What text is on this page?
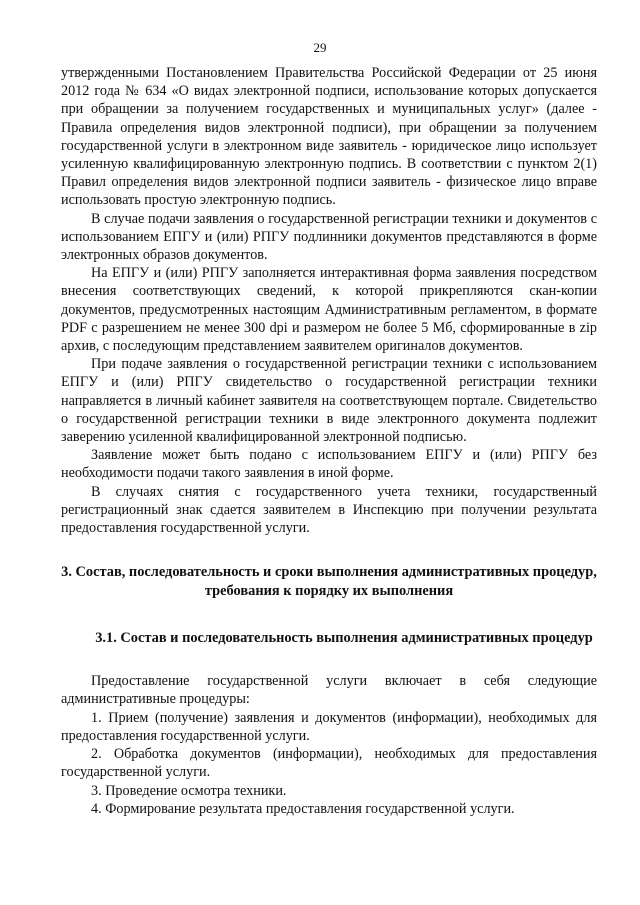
29

утвержденными Постановлением Правительства Российской Федерации от 25 июня 2012 года № 634 «О видах электронной подписи, использование которых допускается при обращении за получением государственных и муниципальных услуг» (далее - Правила определения видов электронной подписи), при обращении за получением государственной услуги в электронном виде заявитель - юридическое лицо использует усиленную квалифицированную электронную подпись. В соответствии с пунктом 2(1) Правил определения видов электронной подписи заявитель - физическое лицо вправе использовать простую электронную подпись.

В случае подачи заявления о государственной регистрации техники и документов с использованием ЕПГУ и (или) РПГУ подлинники документов представляются в форме электронных образов документов.

На ЕПГУ и (или) РПГУ заполняется интерактивная форма заявления посредством внесения соответствующих сведений, к которой прикрепляются скан-копии документов, предусмотренных настоящим Административным регламентом, в формате PDF с разрешением не менее 300 dpi и размером не более 5 Мб, сформированные в zip архив, с последующим представлением заявителем оригиналов документов.

При подаче заявления о государственной регистрации техники с использованием ЕПГУ и (или) РПГУ свидетельство о государственной регистрации техники направляется в личный кабинет заявителя на соответствующем портале. Свидетельство о государственной регистрации техники в виде электронного документа подлежит заверению усиленной квалифицированной электронной подписью.

Заявление может быть подано с использованием ЕПГУ и (или) РПГУ без необходимости подачи такого заявления в иной форме.

В случаях снятия с государственного учета техники, государственный регистрационный знак сдается заявителем в Инспекцию при получении результата предоставления государственной услуги.

3. Состав, последовательность и сроки выполнения административных процедур, требования к порядку их выполнения
3.1. Состав и последовательность выполнения административных процедур

Предоставление государственной услуги включает в себя следующие административные процедуры:

1. Прием (получение) заявления и документов (информации), необходимых для предоставления государственной услуги.

2. Обработка документов (информации), необходимых для предоставления государственной услуги.

3. Проведение осмотра техники.

4. Формирование результата предоставления государственной услуги.
